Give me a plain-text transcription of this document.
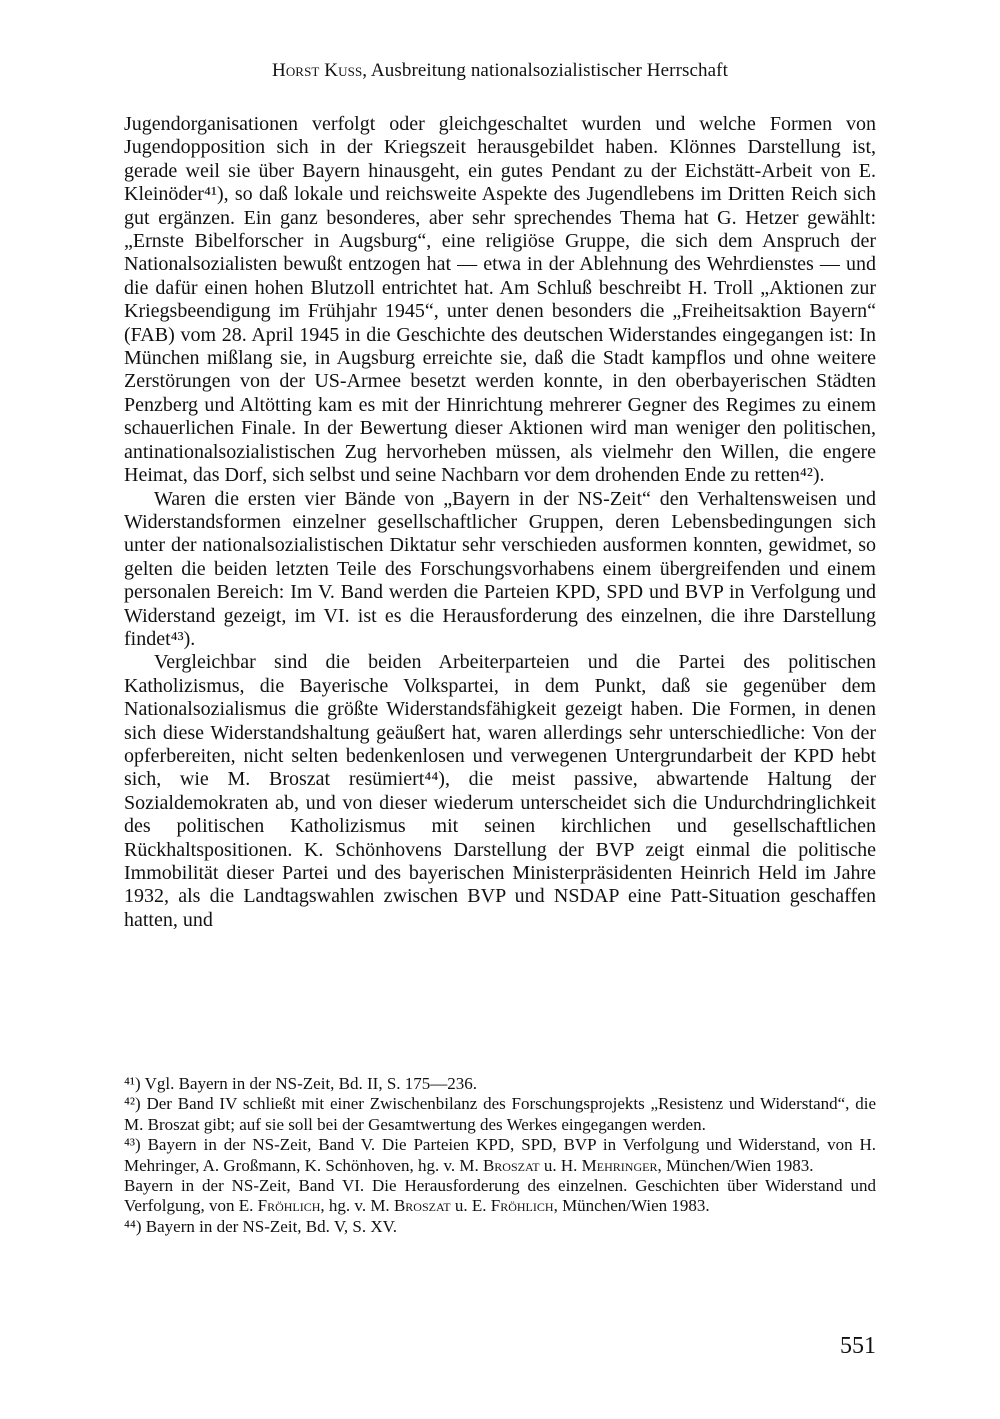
Horst Kuss, Ausbreitung nationalsozialistischer Herrschaft

Jugendorganisationen verfolgt oder gleichgeschaltet wurden und welche Formen von Jugendopposition sich in der Kriegszeit herausgebildet haben. Klönnes Darstellung ist, gerade weil sie über Bayern hinausgeht, ein gutes Pendant zu der Eichstätt-Arbeit von E. Kleinöder⁴¹), so daß lokale und reichsweite Aspekte des Jugendlebens im Dritten Reich sich gut ergänzen. Ein ganz besonderes, aber sehr sprechendes Thema hat G. Hetzer gewählt: „Ernste Bibelforscher in Augsburg“, eine religiöse Gruppe, die sich dem Anspruch der Nationalsozialisten bewußt entzogen hat — etwa in der Ablehnung des Wehrdienstes — und die dafür einen hohen Blutzoll entrichtet hat. Am Schluß beschreibt H. Troll „Aktionen zur Kriegsbeendigung im Frühjahr 1945“, unter denen besonders die „Freiheitsaktion Bayern“ (FAB) vom 28. April 1945 in die Geschichte des deutschen Widerstandes eingegangen ist: In München mißlang sie, in Augsburg erreichte sie, daß die Stadt kampflos und ohne weitere Zerstörungen von der US-Armee besetzt werden konnte, in den oberbayerischen Städten Penzberg und Altötting kam es mit der Hinrichtung mehrerer Gegner des Regimes zu einem schauerlichen Finale. In der Bewertung dieser Aktionen wird man weniger den politischen, antinationalsozialistischen Zug hervorheben müssen, als vielmehr den Willen, die engere Heimat, das Dorf, sich selbst und seine Nachbarn vor dem drohenden Ende zu retten⁴²).

Waren die ersten vier Bände von „Bayern in der NS-Zeit“ den Verhaltensweisen und Widerstandsformen einzelner gesellschaftlicher Gruppen, deren Lebensbedingungen sich unter der nationalsozialistischen Diktatur sehr verschieden ausformen konnten, gewidmet, so gelten die beiden letzten Teile des Forschungsvorhabens einem übergreifenden und einem personalen Bereich: Im V. Band werden die Parteien KPD, SPD und BVP in Verfolgung und Widerstand gezeigt, im VI. ist es die Herausforderung des einzelnen, die ihre Darstellung findet⁴³).

Vergleichbar sind die beiden Arbeiterparteien und die Partei des politischen Katholizismus, die Bayerische Volkspartei, in dem Punkt, daß sie gegenüber dem Nationalsozialismus die größte Widerstandsfähigkeit gezeigt haben. Die Formen, in denen sich diese Widerstandshaltung geäußert hat, waren allerdings sehr unterschiedliche: Von der opferbereiten, nicht selten bedenkenlosen und verwegenen Untergrundarbeit der KPD hebt sich, wie M. Broszat resümiert⁴⁴), die meist passive, abwartende Haltung der Sozialdemokraten ab, und von dieser wiederum unterscheidet sich die Undurchdringlichkeit des politischen Katholizismus mit seinen kirchlichen und gesellschaftlichen Rückhaltspositionen. K. Schönhovens Darstellung der BVP zeigt einmal die politische Immobilität dieser Partei und des bayerischen Ministerpräsidenten Heinrich Held im Jahre 1932, als die Landtagswahlen zwischen BVP und NSDAP eine Patt-Situation geschaffen hatten, und

⁴¹) Vgl. Bayern in der NS-Zeit, Bd. II, S. 175—236.

⁴²) Der Band IV schließt mit einer Zwischenbilanz des Forschungsprojekts „Resistenz und Widerstand“, die M. Broszat gibt; auf sie soll bei der Gesamtwertung des Werkes eingegangen werden.

⁴³) Bayern in der NS-Zeit, Band V. Die Parteien KPD, SPD, BVP in Verfolgung und Widerstand, von H. Mehringer, A. Großmann, K. Schönhoven, hg. v. M. Broszat u. H. Mehringer, München/Wien 1983.

Bayern in der NS-Zeit, Band VI. Die Herausforderung des einzelnen. Geschichten über Widerstand und Verfolgung, von E. Fröhlich, hg. v. M. Broszat u. E. Fröhlich, München/Wien 1983.

⁴⁴) Bayern in der NS-Zeit, Bd. V, S. XV.

551
